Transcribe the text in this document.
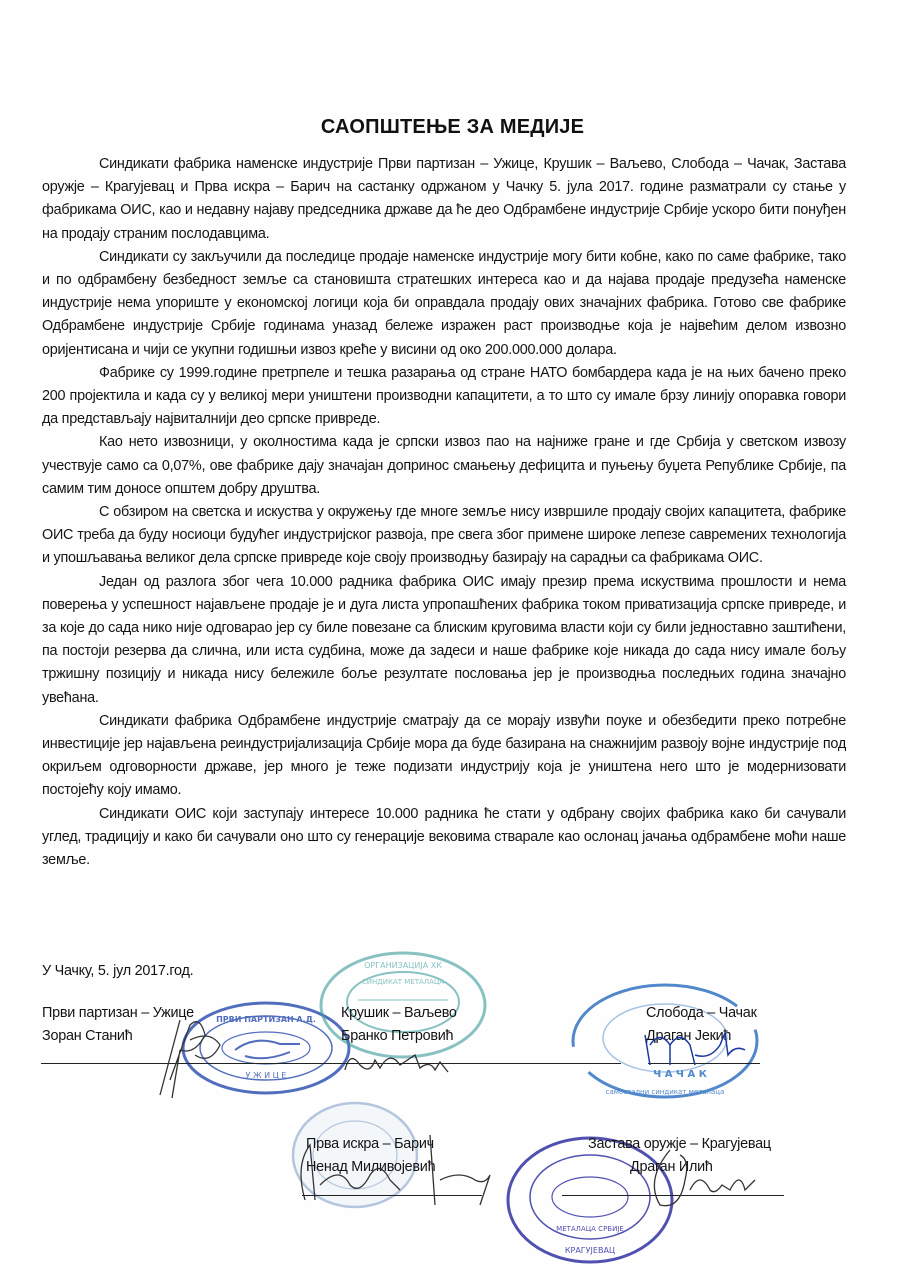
САОПШТЕЊЕ ЗА МЕДИЈЕ

Синдикати фабрика наменске индустрије Први партизан – Ужице, Крушик – Ваљево, Слобода – Чачак, Застава оружје – Крагујевац и Прва искра – Барич на састанку одржаном у Чачку 5. јула 2017. године разматрали су стање у фабрикама ОИС, као и недавну најаву председника државе да ће део Одбрамбене индустрије Србије ускоро бити понуђен на продају страним послодавцима.

Синдикати су закључили да последице продаје наменске индустрије могу бити кобне, како по саме фабрике, тако и по одбрамбену безбедност земље са становишта стратешких интереса као и да најава продаје предузећа наменске индустрије нема упориште у економској логици која би оправдала продају ових значајних фабрика. Готово све фабрике Одбрамбене индустрије Србије годинама уназад бележе изражен раст производње која је највећим делом извозно оријентисана и чији се укупни годишњи извоз креће у висини од око 200.000.000 долара.

Фабрике су 1999.године претрпеле и тешка разарања од стране НАТО бомбардера када је на њих бачено преко 200 пројектила и када су у великој мери уништени производни капацитети, а то што су имале брзу линију опоравка говори да представљају највиталнији део српске привреде.

Као нето извозници, у околностима када је српски извоз пао на најниже гране и где Србија у светском извозу учествује само са 0,07%, ове фабрике дају значајан допринос смањењу дефицита и пуњењу буџета Републике Србије, па самим тим доносе општем добру друштва.

С обзиром на светска и искуства у окружењу где многе земље нису извршиле продају својих капацитета, фабрике ОИС треба да буду носиоци будућег индустријског развоја, пре свега због примене широке лепезе савремених технологија и упошљавања великог дела српске привреде које своју производњу базирају на сарадњи са фабрикама ОИС.

Један од разлога због чега 10.000 радника фабрика ОИС имају презир према искуствима прошлости и нема поверења у успешност најављене продаје је и дуга листа упропашћених фабрика током приватизација српске привреде, и за које до сада нико није одговарао јер су биле повезане са блиским круговима власти који су били једноставно заштићени, па постоји резерва да слична, или иста судбина, може да задеси и наше фабрике које никада до сада нису имале бољу тржишну позицију и никада нису бележиле боље резултате пословања јер је производња последњих година значајно увећана.

Синдикати фабрика Одбрамбене индустрије сматрају да се морају извући поуке и обезбедити преко потребне инвестиције јер најављена реиндустријализација Србије мора да буде базирана на снажнијим развоју војне индустрије под окриљем одговорности државе, јер много је теже подизати индустрију која је уништена него што је модернизовати постојећу коју имамо.

Синдикати ОИС који заступају интересе 10.000 радника ће стати у одбрану својих фабрика како би сачували углед, традицију и како би сачували оно што су генерације вековима стварале као ослонац јачања одбрамбене моћи наше земље.

У Чачку, 5. јул 2017.год.
ПРВИ ПАРТИЗАН А.Д.
У Ж И Ц Е
ОРГАНИЗАЦИЈА ХК
СИНДИКАТ МЕТАЛАЦА
Ч А Ч А К
самостални синдикат металаца
МЕТАЛАЦА СРБИЈЕ
КРАГУЈЕВАЦ
Први партизан – Ужице
Зоран Станић
Крушик – Ваљево
Бранко Петровић
Слобода – Чачак
Драган Јекић
Прва искра – Барич
Ненад Миливојевић
Застава оружје – Крагујевац
Драган Илић
